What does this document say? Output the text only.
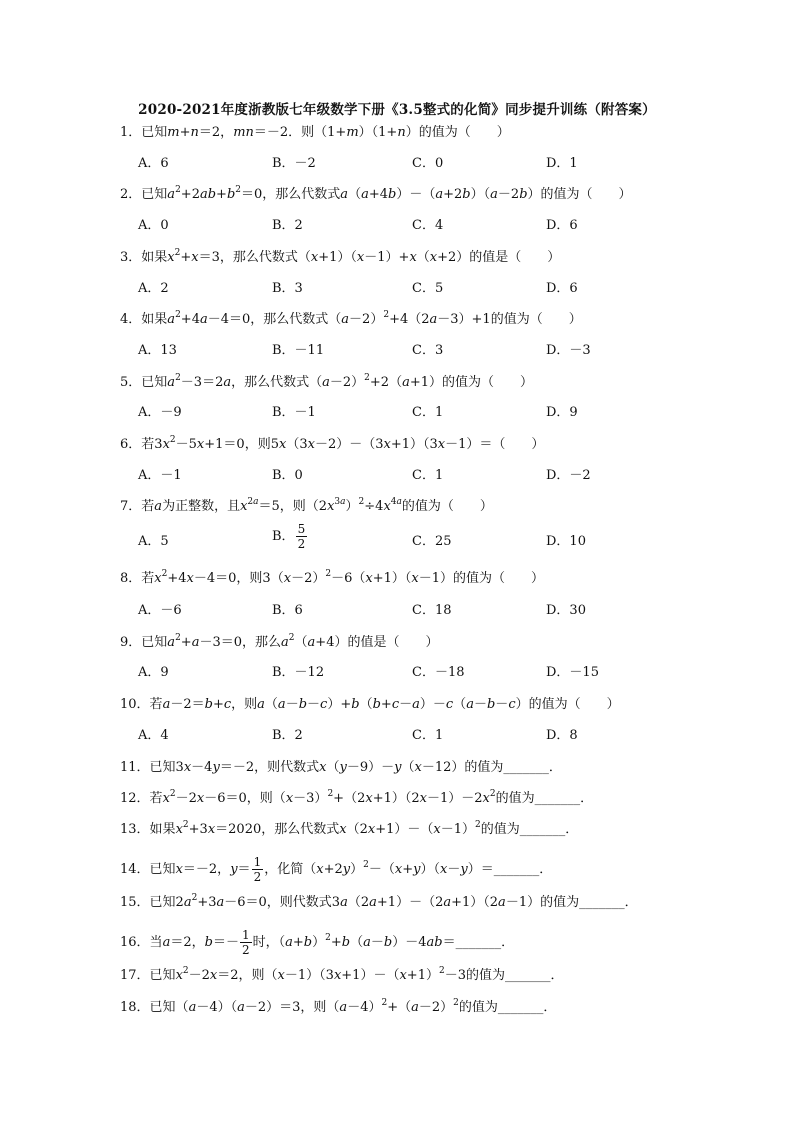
2020-2021年度浙教版七年级数学下册《3.5整式的化简》同步提升训练（附答案）
1．已知m+n＝2，mn＝－2．则（1+m）（1+n）的值为（　　）
A．6	B．－2	C．0	D．1
2．已知$a^2+2ab+b^2=0$，那么代数式a（a+4b）－（a+2b）（a－2b）的值为（　　）
A．0	B．2	C．4	D．6
3．如果$x^2+x=3$，那么代数式（x+1）（x－1）+x（x+2）的值是（　　）
A．2	B．3	C．5	D．6
4．如果$a^2+4a-4=0$，那么代数式$(a-2)^2+4(2a-3)+1$的值为（　　）
A．13	B．－11	C．3	D．－3
5．已知$a^2-3=2a$，那么代数式$(a-2)^2+2(a+1)$的值为（　　）
A．－9	B．－1	C．1	D．9
6．若$3x^2-5x+1=0$，则5x（3x－2）－（3x+1）（3x－1）＝（　　）
A．－1	B．0	C．1	D．－2
7．若a为正整数，且$x^{2a}=5$，则$(2x^{3a})^2\div 4x^{4a}$的值为（　　）
A．5	B． $\frac{5}{2}$	C．25	D．10
8．若$x^2+4x-4=0$，则$3(x-2)^2-6(x+1)(x-1)$的值为（　　）
A．－6	B．6	C．18	D．30
9．已知$a^2+a-3=0$，那么$a^2(a+4)$的值是（　　）
A．9	B．－12	C．－18	D．－15
10．若a－2＝b+c，则a（a－b－c）+b（b+c－a）－c（a－b－c）的值为（　　）
A．4	B．2	C．1	D．8
11．已知3x－4y＝－2，则代数式x（y－9）－y（x－12）的值为_______．
12．若$x^2-2x-6=0$，则$(x-3)^2+(2x+1)(2x-1)-2x^2$的值为_______．
13．如果$x^2+3x=2020$，那么代数式$x(2x+1)-(x-1)^2$的值为_______．
14．已知x＝－2，$y= \frac{1}{2}$ ，化简$(x+2y)^2-(x+y)(x-y)=\_\_\_\_\_\_\_$．
15．已知$2a^2+3a-6=0$，则代数式3a（2a+1）－（2a+1）（2a－1）的值为_______．
16．当a＝2，$b=- \frac{1}{2}$ 时，$(a+b)^2+b(a-b)-4ab=\_\_\_\_\_\_\_$．
17．已知$x^2-2x=2$，则$(x-1)(3x+1)-(x+1)^2-3$的值为_______．
18．已知（a－4）（a－2）＝3，则$(a-4)^2+(a-2)^2$的值为_______．
